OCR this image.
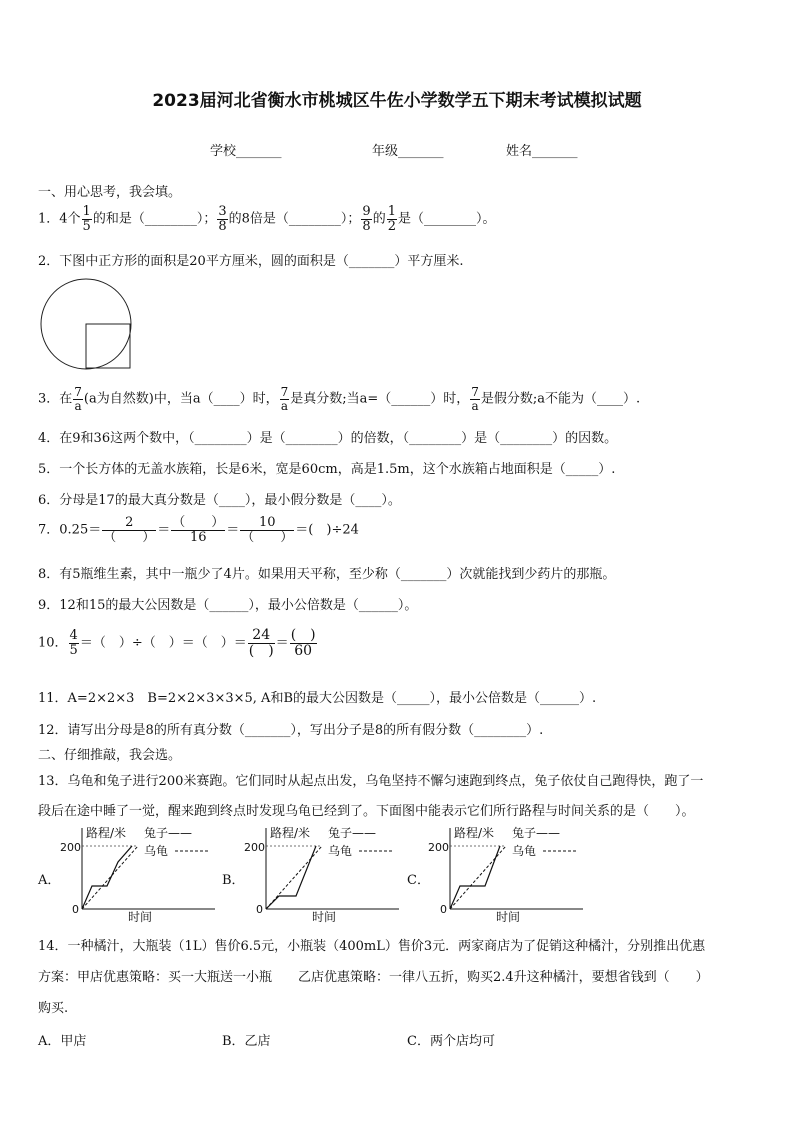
2023届河北省衡水市桃城区牛佐小学数学五下期末考试模拟试题
学校_______	年级_______	姓名_______
一、用心思考，我会填。
1．4个 $\frac{1}{5}$ 的和是（________）； $\frac{3}{8}$ 的8倍是（________）； $\frac{9}{8}$ 的 $\frac{1}{2}$ 是（________）。
2．下图中正方形的面积是20平方厘米，圆的面积是（_______）平方厘米.
3．在 $\frac{7}{a} (a$为自然数)中，当a（____）时， $\frac{7}{a}$ 是真分数;当a=（______）时， $\frac{7}{a}$ 是假分数;a不能为（____）.
4．在9和36这两个数中，（________）是（________）的倍数，（________）是（________）的因数。
5．一个长方体的无盖水族箱，长是6米，宽是60cm，高是1.5m，这个水族箱占地面积是（_____）.
6．分母是17的最大真分数是（____），最小假分数是（____）。
7．$0.25= \frac{2}{( )} = \frac{( )}{16} = \frac{10}{( )}$ ＝(　)÷24
8．有5瓶维生素，其中一瓶少了4片。如果用天平称，至少称（_______）次就能找到少药片的那瓶。
9．12和15的最大公因数是（______），最小公倍数是（______）。
10． $\frac{4}{5}$ ＝（　）÷（　）＝（　）＝ $\frac{24}{( )} = \frac{( )}{60}$
11．A=2×2×3　B=2×2×3×3×5, A和B的最大公因数是（_____），最小公倍数是（______）.
12．请写出分母是8的所有真分数（_______），写出分子是8的所有假分数（________）.
二、仔细推敲，我会选。
13．乌龟和兔子进行200米赛跑。它们同时从起点出发，乌龟坚持不懈匀速跑到终点，兔子依仗自己跑得快，跑了一
段后在途中睡了一觉，醒来跑到终点时发现乌龟已经到了。下面图中能表示它们所行路程与时间关系的是（　　）。
A．	B．	C．
200
0
路程/米 兔子——
乌龟
时间
200
0
路程/米 兔子——
乌龟
时间
200
0
路程/米 兔子——
乌龟
时间
14．一种橘汁，大瓶装（1L）售价6.5元，小瓶装（400mL）售价3元．两家商店为了促销这种橘汁，分别推出优惠
方案：甲店优惠策略：买一大瓶送一小瓶　　乙店优惠策略：一律八五折，购买2.4升这种橘汁，要想省钱到（　　）
购买.
A．甲店	B．乙店	C．两个店均可
